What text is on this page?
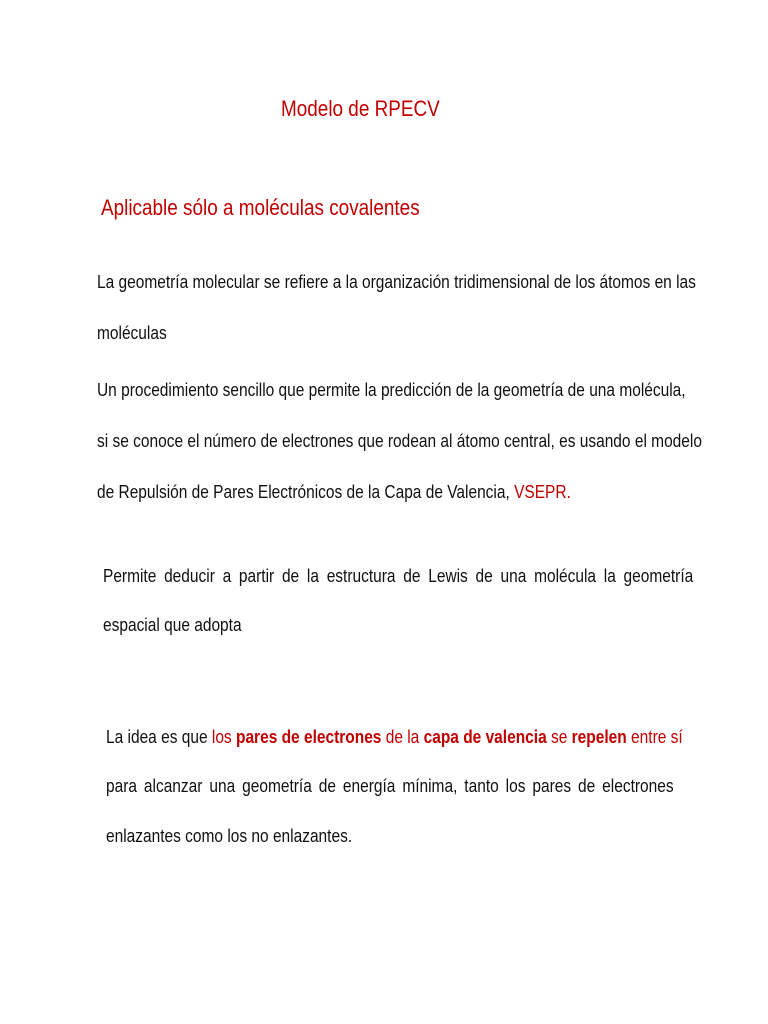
Modelo de RPECV
Aplicable sólo a moléculas covalentes
La geometría molecular se refiere a la organización tridimensional de los átomos en las
moléculas
Un procedimiento sencillo que permite la predicción de la geometría de una molécula,
si se conoce el número de electrones que rodean al átomo central, es usando el modelo
de Repulsión de Pares Electrónicos de la Capa de Valencia, VSEPR.
Permite deducir a partir de la estructura de Lewis de una molécula la geometría
espacial que adopta
La idea es que los pares de electrones de la capa de valencia se repelen entre sí
para alcanzar una geometría de energía mínima, tanto los pares de electrones
enlazantes como los no enlazantes.
